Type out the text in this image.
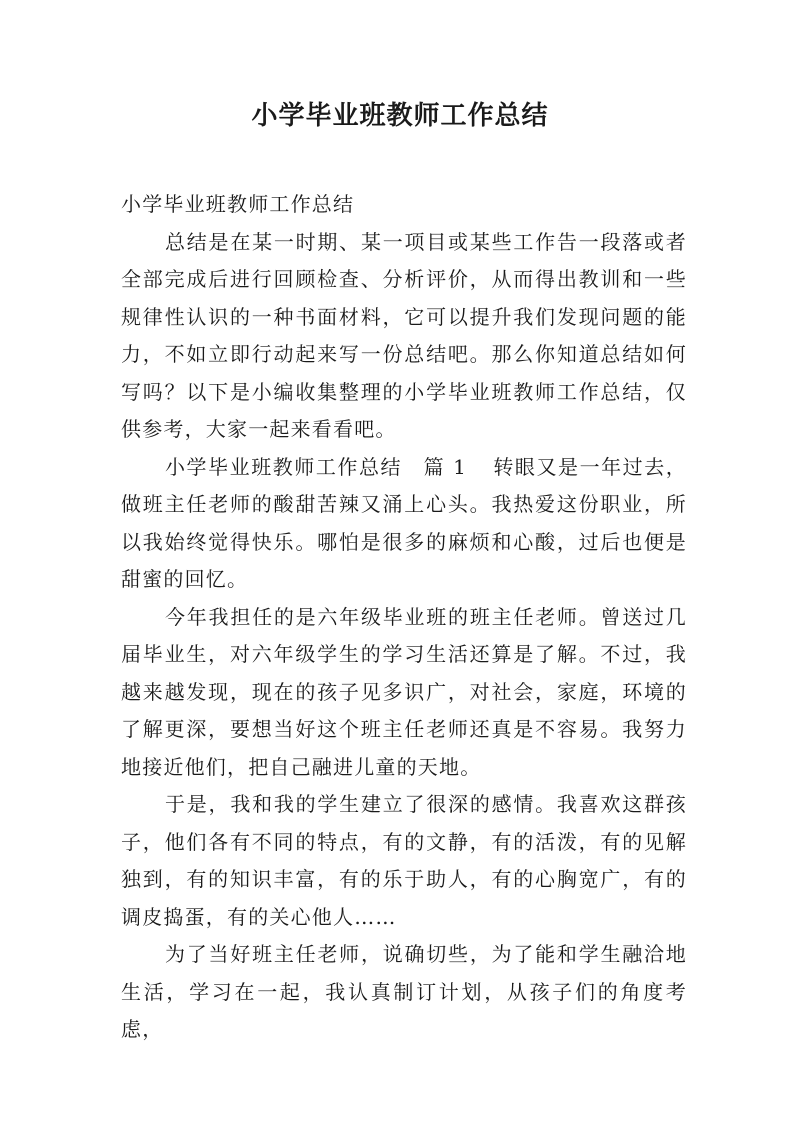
小学毕业班教师工作总结

小学毕业班教师工作总结

总结是在某一时期、某一项目或某些工作告一段落或者全部完成后进行回顾检查、分析评价，从而得出教训和一些规律性认识的一种书面材料，它可以提升我们发现问题的能力，不如立即行动起来写一份总结吧。那么你知道总结如何写吗？以下是小编收集整理的小学毕业班教师工作总结，仅供参考，大家一起来看看吧。

小学毕业班教师工作总结　篇 1 转眼又是一年过去，做班主任老师的酸甜苦辣又涌上心头。我热爱这份职业，所以我始终觉得快乐。哪怕是很多的麻烦和心酸，过后也便是甜蜜的回忆。

今年我担任的是六年级毕业班的班主任老师。曾送过几届毕业生，对六年级学生的学习生活还算是了解。不过，我越来越发现，现在的孩子见多识广，对社会，家庭，环境的了解更深，要想当好这个班主任老师还真是不容易。我努力地接近他们，把自己融进儿童的天地。

于是，我和我的学生建立了很深的感情。我喜欢这群孩子，他们各有不同的特点，有的文静，有的活泼，有的见解独到，有的知识丰富，有的乐于助人，有的心胸宽广，有的调皮捣蛋，有的关心他人……

为了当好班主任老师，说确切些，为了能和学生融洽地生活，学习在一起，我认真制订计划，从孩子们的角度考虑，
